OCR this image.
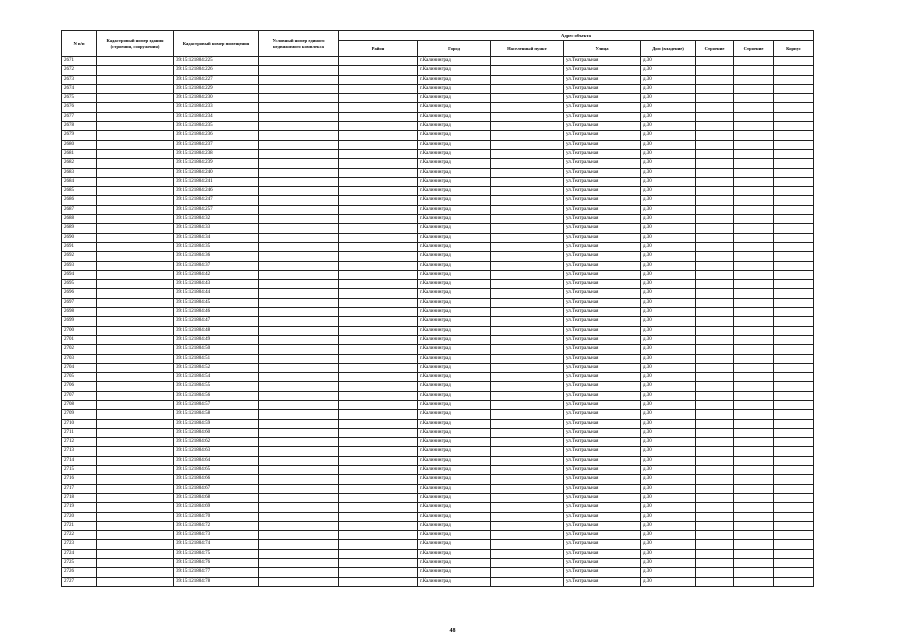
N п/п	Кадастровый номер здания (строения, сооружения)	Кадастровый номер помещения	Условный номер единого недвижимого комплекса	Адрес объекта							
				Район	Город	Населенный пункт	Улица	Дом (владение)	Строение	Строение	Корпус
2671		39:15:121804:225			г.Калининград		ул.Театральная	д.30			
2672		39:15:121804:226			г.Калининград		ул.Театральная	д.30			
2673		39:15:121804:227			г.Калининград		ул.Театральная	д.30			
2674		39:15:121804:229			г.Калининград		ул.Театральная	д.30			
2675		39:15:121804:230			г.Калининград		ул.Театральная	д.30			
2676		39:15:121804:233			г.Калининград		ул.Театральная	д.30			
2677		39:15:121804:234			г.Калининград		ул.Театральная	д.30			
2678		39:15:121804:235			г.Калининград		ул.Театральная	д.30			
2679		39:15:121804:236			г.Калининград		ул.Театральная	д.30			
2680		39:15:121804:237			г.Калининград		ул.Театральная	д.30			
2681		39:15:121804:238			г.Калининград		ул.Театральная	д.30			
2682		39:15:121804:239			г.Калининград		ул.Театральная	д.30			
2683		39:15:121804:240			г.Калининград		ул.Театральная	д.30			
2684		39:15:121804:241			г.Калининград		ул.Театральная	д.30			
2685		39:15:121804:246			г.Калининград		ул.Театральная	д.30			
2686		39:15:121804:247			г.Калининград		ул.Театральная	д.30			
2687		39:15:121804:257			г.Калининград		ул.Театральная	д.30			
2688		39:15:121804:32			г.Калининград		ул.Театральная	д.30			
2689		39:15:121804:33			г.Калининград		ул.Театральная	д.30			
2690		39:15:121804:34			г.Калининград		ул.Театральная	д.30			
2691		39:15:121804:35			г.Калининград		ул.Театральная	д.30			
2692		39:15:121804:36			г.Калининград		ул.Театральная	д.30			
2693		39:15:121804:37			г.Калининград		ул.Театральная	д.30			
2694		39:15:121804:42			г.Калининград		ул.Театральная	д.30			
2695		39:15:121804:43			г.Калининград		ул.Театральная	д.30			
2696		39:15:121804:44			г.Калининград		ул.Театральная	д.30			
2697		39:15:121804:45			г.Калининград		ул.Театральная	д.30			
2698		39:15:121804:46			г.Калининград		ул.Театральная	д.30			
2699		39:15:121804:47			г.Калининград		ул.Театральная	д.30			
2700		39:15:121804:48			г.Калининград		ул.Театральная	д.30			
2701		39:15:121804:49			г.Калининград		ул.Театральная	д.30			
2702		39:15:121804:50			г.Калининград		ул.Театральная	д.30			
2703		39:15:121804:51			г.Калининград		ул.Театральная	д.30			
2704		39:15:121804:52			г.Калининград		ул.Театральная	д.30			
2705		39:15:121804:54			г.Калининград		ул.Театральная	д.30			
2706		39:15:121804:55			г.Калининград		ул.Театральная	д.30			
2707		39:15:121804:56			г.Калининград		ул.Театральная	д.30			
2708		39:15:121804:57			г.Калининград		ул.Театральная	д.30			
2709		39:15:121804:58			г.Калининград		ул.Театральная	д.30			
2710		39:15:121804:59			г.Калининград		ул.Театральная	д.30			
2711		39:15:121804:60			г.Калининград		ул.Театральная	д.30			
2712		39:15:121804:62			г.Калининград		ул.Театральная	д.30			
2713		39:15:121804:63			г.Калининград		ул.Театральная	д.30			
2714		39:15:121804:64			г.Калининград		ул.Театральная	д.30			
2715		39:15:121804:65			г.Калининград		ул.Театральная	д.30			
2716		39:15:121804:66			г.Калининград		ул.Театральная	д.30			
2717		39:15:121804:67			г.Калининград		ул.Театральная	д.30			
2718		39:15:121804:68			г.Калининград		ул.Театральная	д.30			
2719		39:15:121804:69			г.Калининград		ул.Театральная	д.30			
2720		39:15:121804:70			г.Калининград		ул.Театральная	д.30			
2721		39:15:121804:72			г.Калининград		ул.Театральная	д.30			
2722		39:15:121804:73			г.Калининград		ул.Театральная	д.30			
2723		39:15:121804:74			г.Калининград		ул.Театральная	д.30			
2724		39:15:121804:75			г.Калининград		ул.Театральная	д.30			
2725		39:15:121804:76			г.Калининград		ул.Театральная	д.30			
2726		39:15:121804:77			г.Калининград		ул.Театральная	д.30			
2727		39:15:121804:78			г.Калининград		ул.Театральная	д.30			
48
